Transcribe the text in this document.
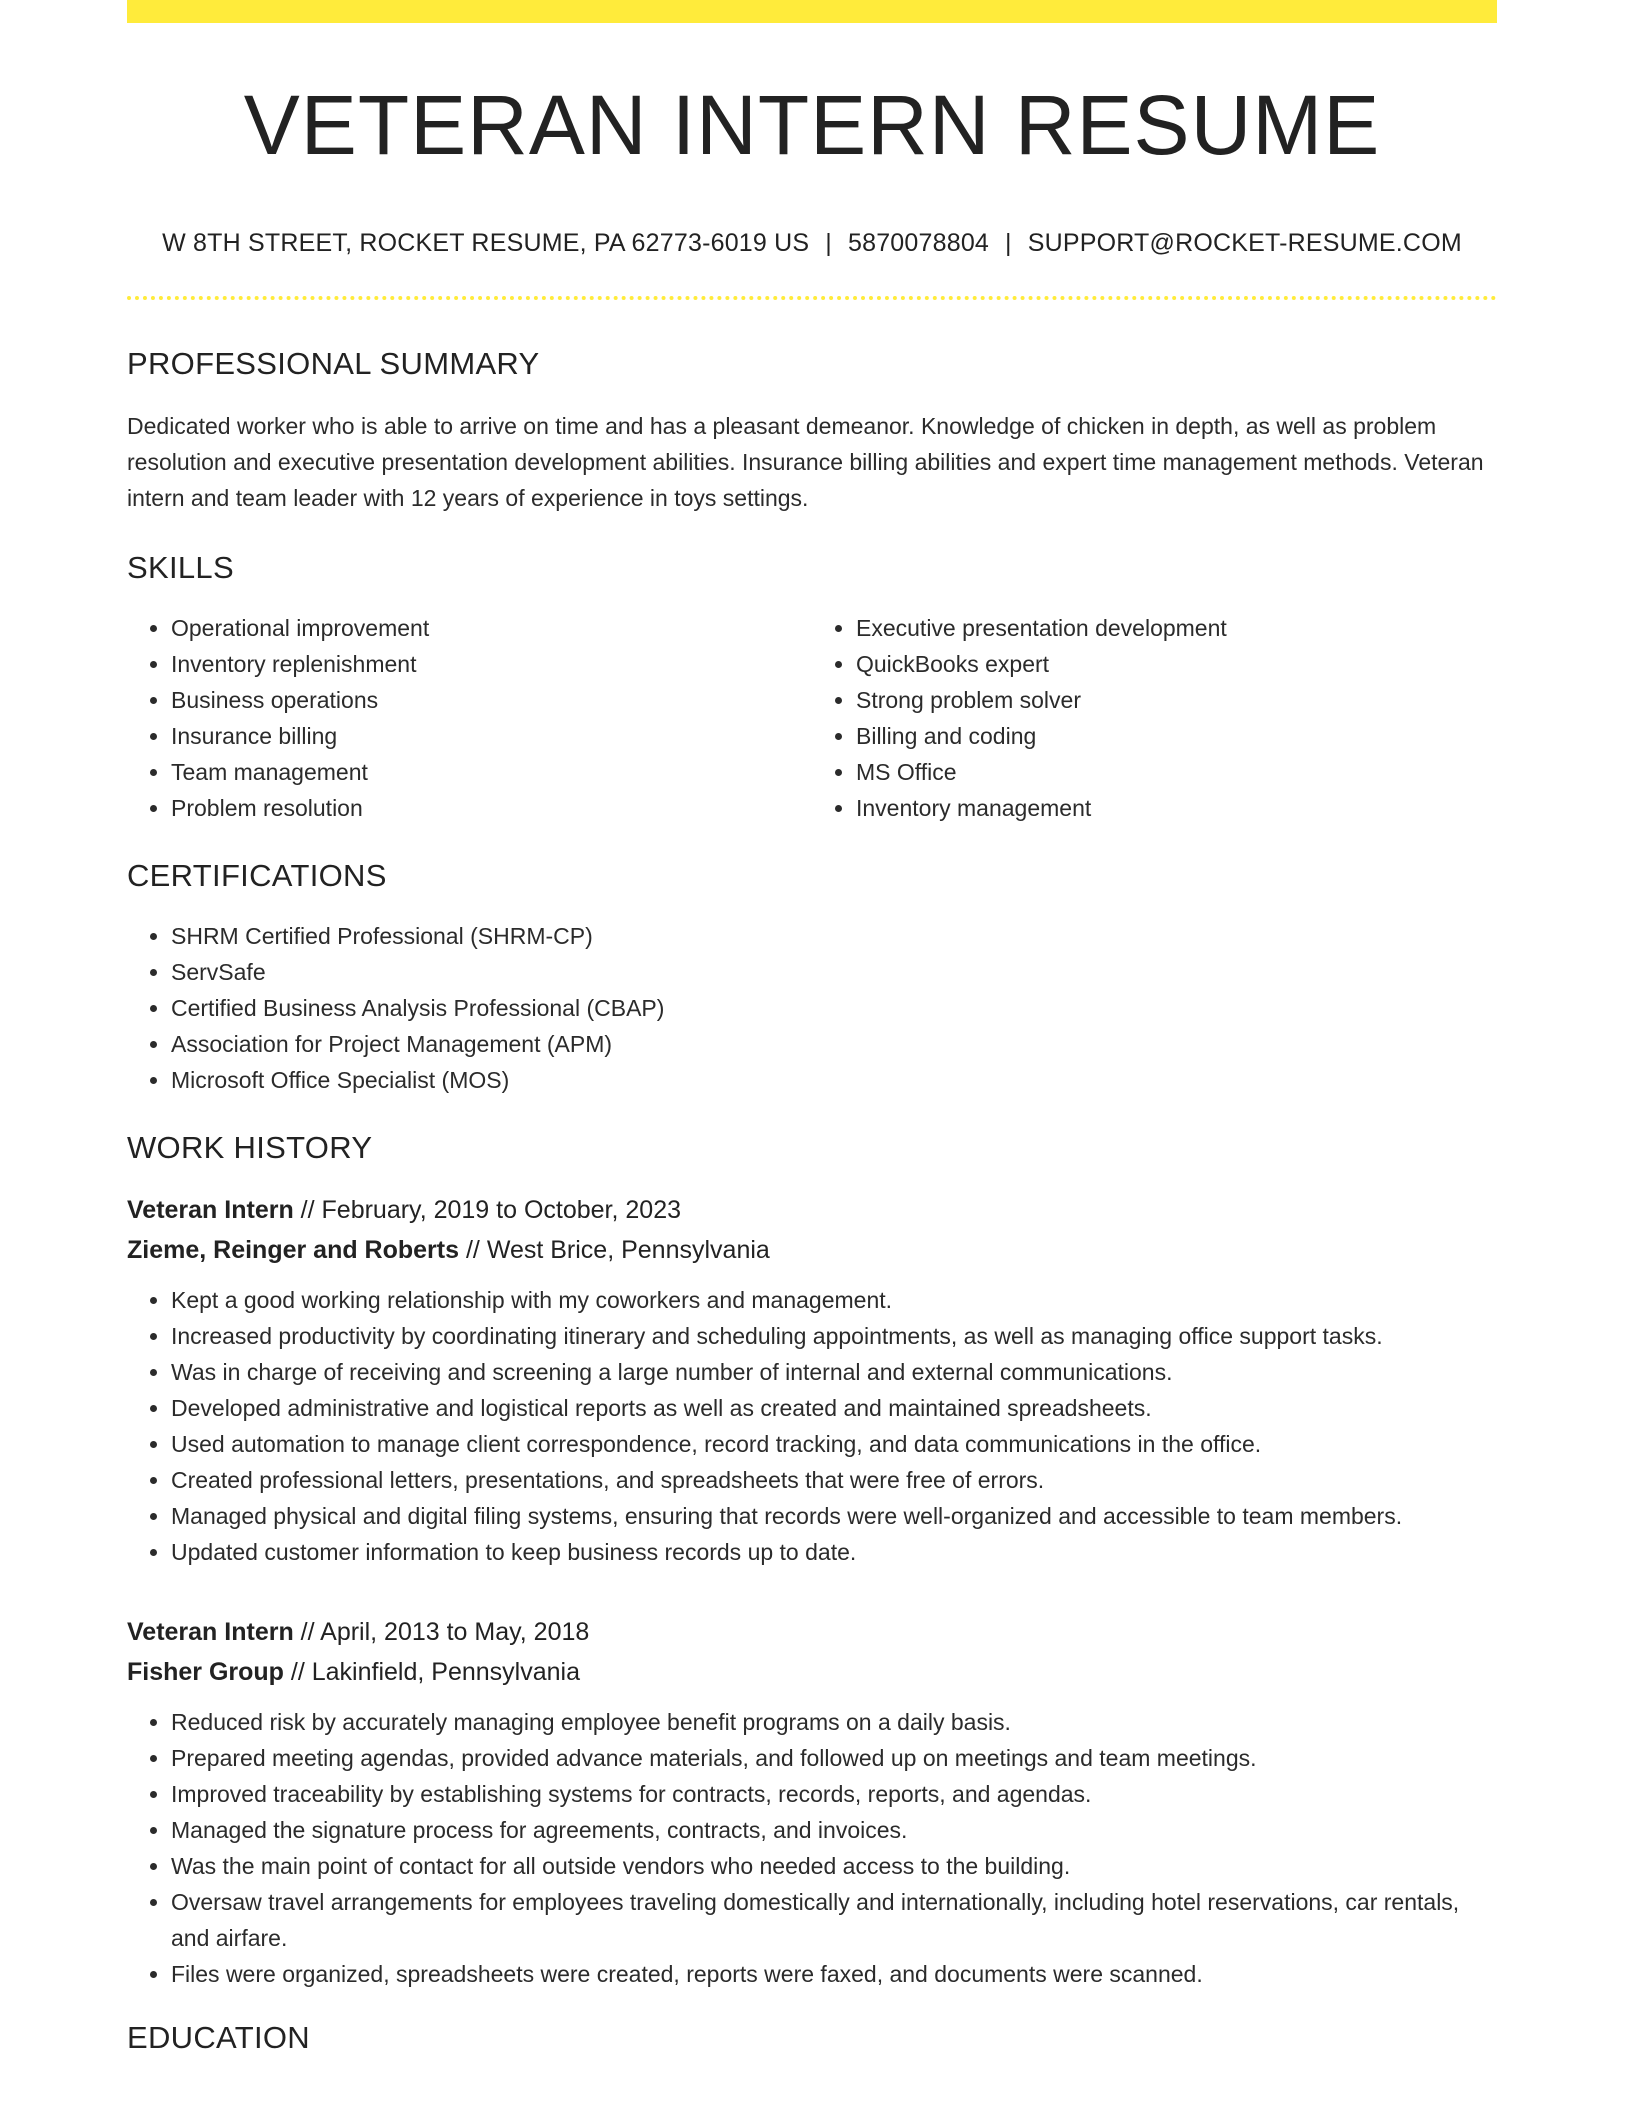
VETERAN INTERN RESUME
W 8TH STREET, ROCKET RESUME, PA 62773-6019 US | 5870078804 | SUPPORT@ROCKET-RESUME.COM
PROFESSIONAL SUMMARY

Dedicated worker who is able to arrive on time and has a pleasant demeanor. Knowledge of chicken in depth, as well as problem resolution and executive presentation development abilities. Insurance billing abilities and expert time management methods. Veteran intern and team leader with 12 years of experience in toys settings.

SKILLS
• Operational improvement
• Inventory replenishment
• Business operations
• Insurance billing
• Team management
• Problem resolution
• Executive presentation development
• QuickBooks expert
• Strong problem solver
• Billing and coding
• MS Office
• Inventory management
CERTIFICATIONS
• SHRM Certified Professional (SHRM-CP)
• ServSafe
• Certified Business Analysis Professional (CBAP)
• Association for Project Management (APM)
• Microsoft Office Specialist (MOS)
WORK HISTORY
Veteran Intern // February, 2019 to October, 2023
Zieme, Reinger and Roberts // West Brice, Pennsylvania
• Kept a good working relationship with my coworkers and management.
• Increased productivity by coordinating itinerary and scheduling appointments, as well as managing office support tasks.
• Was in charge of receiving and screening a large number of internal and external communications.
• Developed administrative and logistical reports as well as created and maintained spreadsheets.
• Used automation to manage client correspondence, record tracking, and data communications in the office.
• Created professional letters, presentations, and spreadsheets that were free of errors.
• Managed physical and digital filing systems, ensuring that records were well-organized and accessible to team members.
• Updated customer information to keep business records up to date.
Veteran Intern // April, 2013 to May, 2018
Fisher Group // Lakinfield, Pennsylvania
• Reduced risk by accurately managing employee benefit programs on a daily basis.
• Prepared meeting agendas, provided advance materials, and followed up on meetings and team meetings.
• Improved traceability by establishing systems for contracts, records, reports, and agendas.
• Managed the signature process for agreements, contracts, and invoices.
• Was the main point of contact for all outside vendors who needed access to the building.
• Oversaw travel arrangements for employees traveling domestically and internationally, including hotel reservations, car rentals, and airfare.
• Files were organized, spreadsheets were created, reports were faxed, and documents were scanned.
EDUCATION
